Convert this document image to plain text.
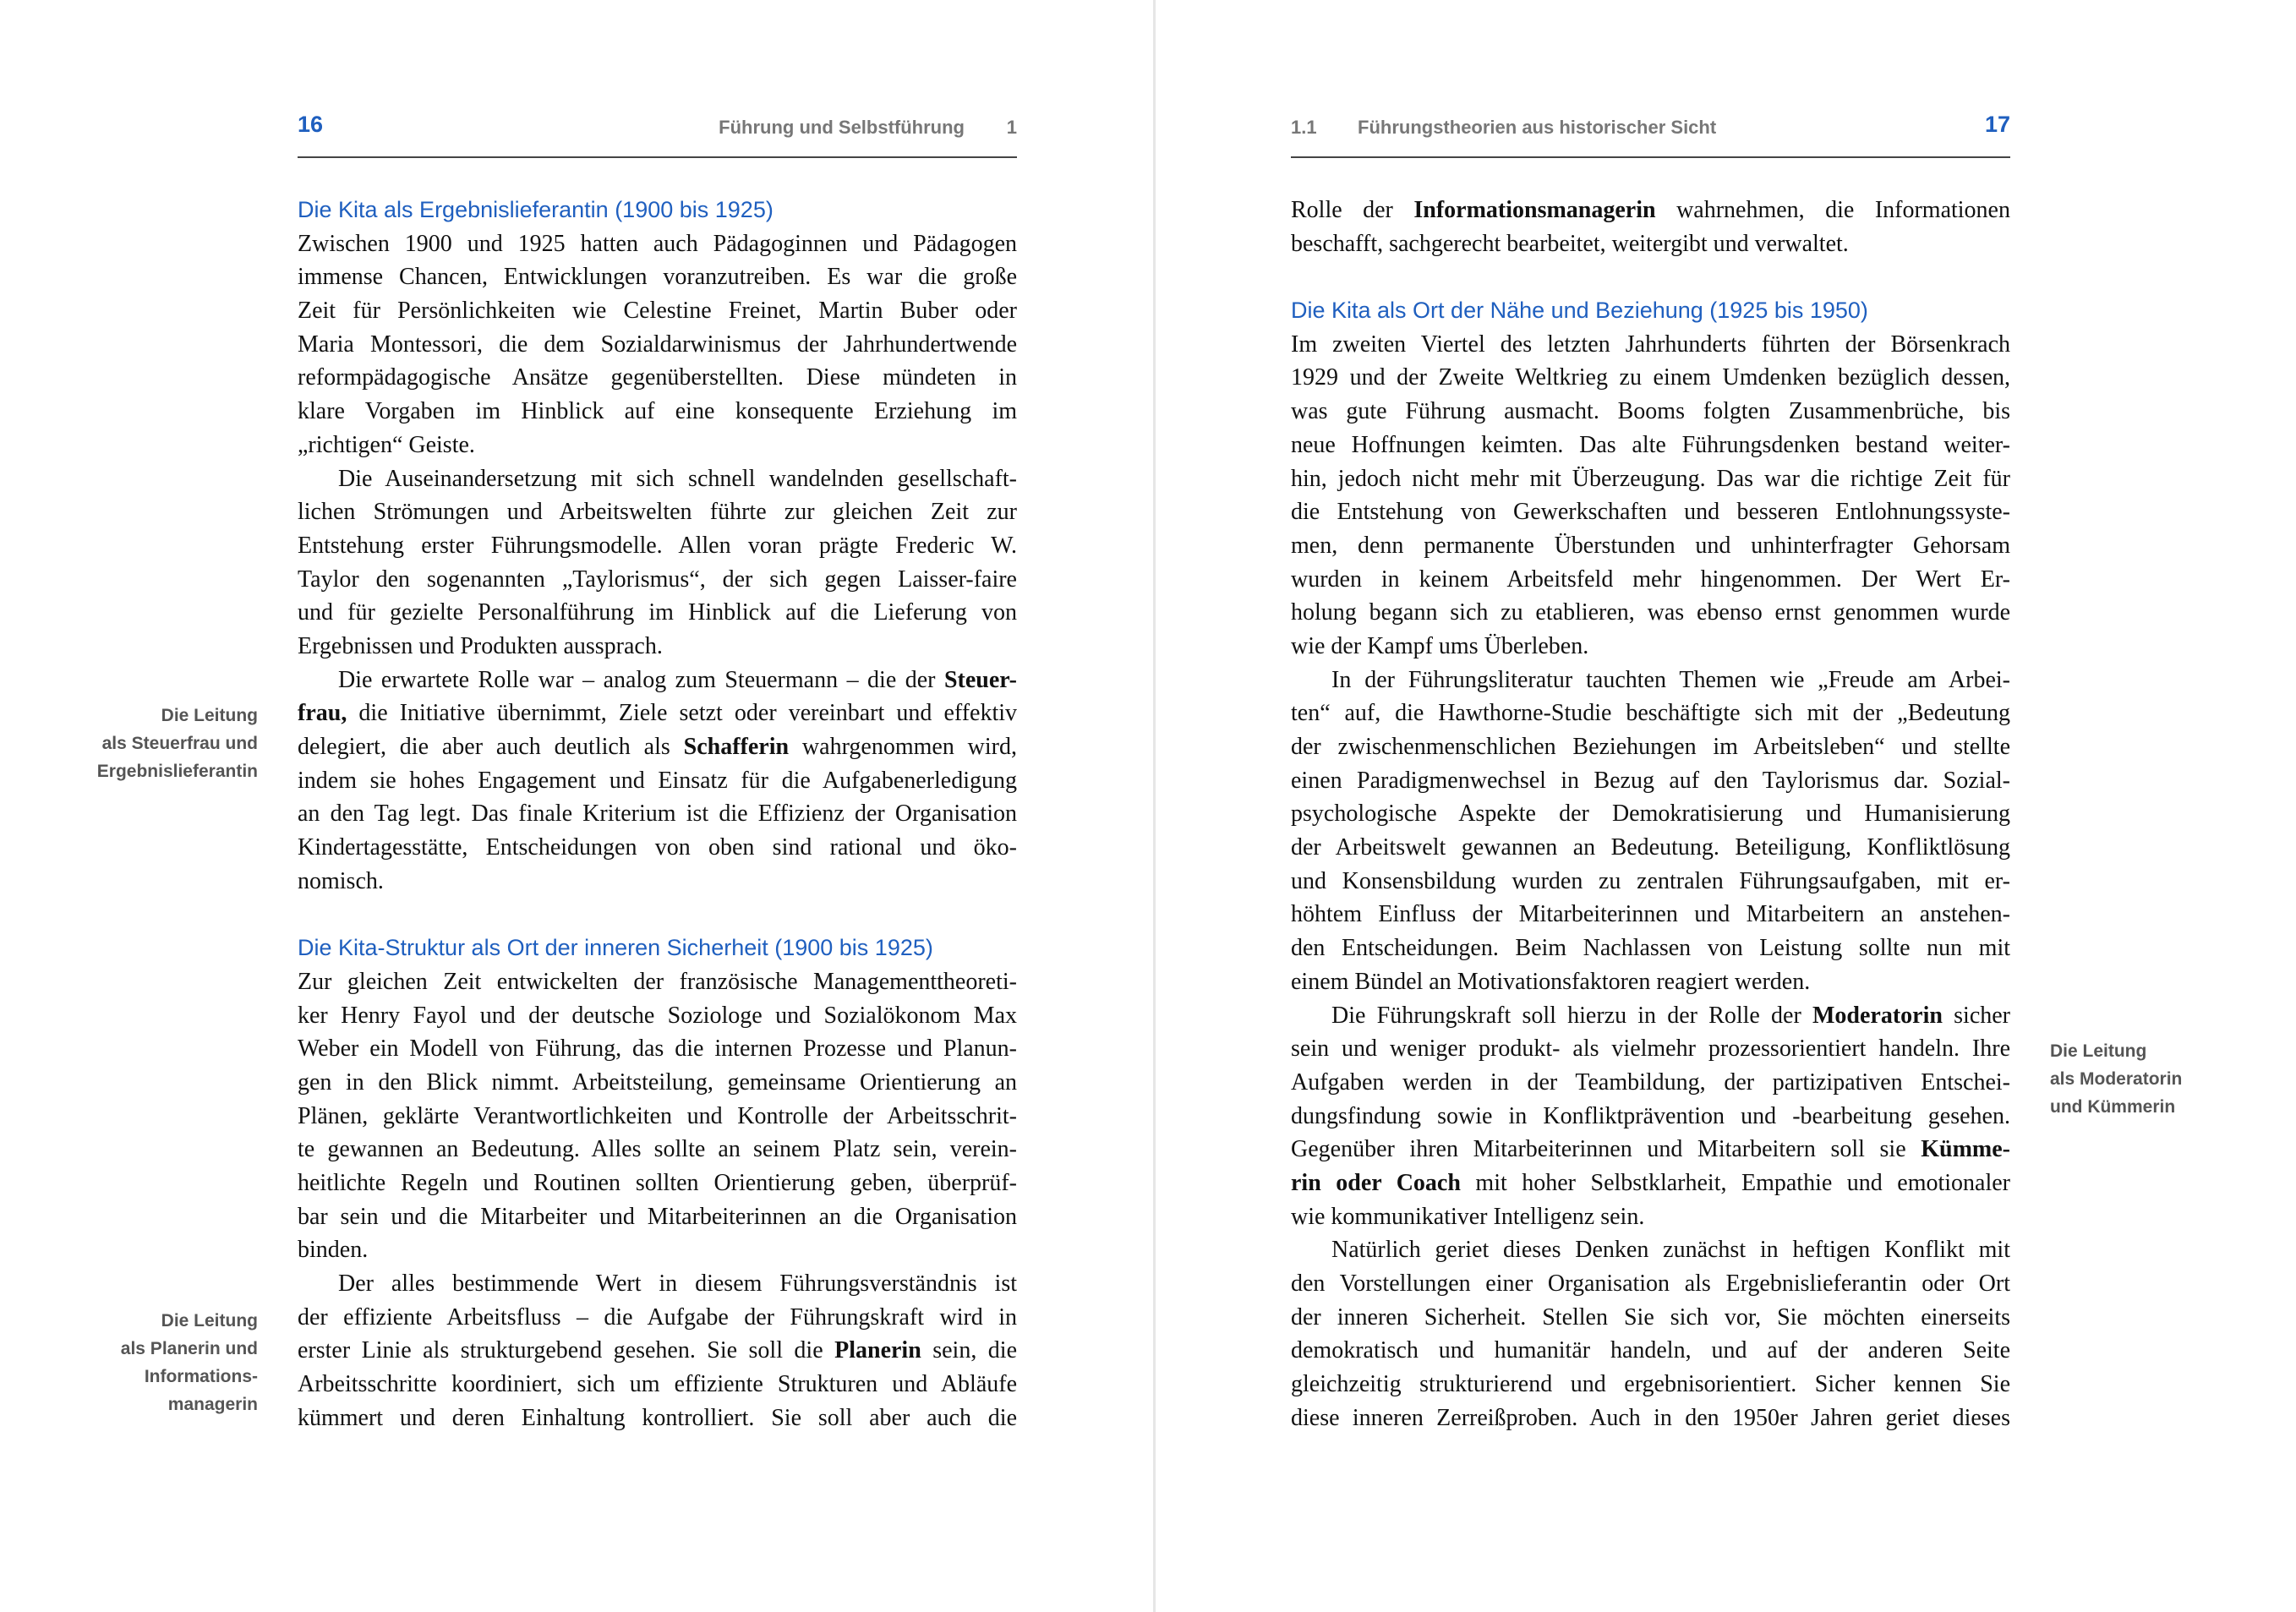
16	Führung und Selbstführung 1	1.1 Führungstheorien aus historischer Sicht	17
Die Kita als Ergebnislieferantin (1900 bis 1925)
Zwischen 1900 und 1925 hatten auch Pädagoginnen und Pädagogen
immense Chancen, Entwicklungen voranzutreiben. Es war die große
Zeit für Persönlichkeiten wie Celestine Freinet, Martin Buber oder
Maria Montessori, die dem Sozialdarwinismus der Jahrhundertwende
reformpädagogische Ansätze gegenüberstellten. Diese mündeten in
klare Vorgaben im Hinblick auf eine konsequente Erziehung im
„richtigen“ Geiste.
Die Auseinandersetzung mit sich schnell wandelnden gesellschaft-
lichen Strömungen und Arbeitswelten führte zur gleichen Zeit zur
Entstehung erster Führungsmodelle. Allen voran prägte Frederic W.
Taylor den sogenannten „Taylorismus“, der sich gegen Laisser-faire
und für gezielte Personalführung im Hinblick auf die Lieferung von
Ergebnissen und Produkten aussprach.
Die erwartete Rolle war – analog zum Steuermann – die der Steuer-
frau, die Initiative übernimmt, Ziele setzt oder vereinbart und effektiv
delegiert, die aber auch deutlich als Schafferin wahrgenommen wird,
indem sie hohes Engagement und Einsatz für die Aufgabenerledigung
an den Tag legt. Das finale Kriterium ist die Effizienz der Organisation
Kindertagesstätte, Entscheidungen von oben sind rational und öko-
nomisch.
Die Kita-Struktur als Ort der inneren Sicherheit (1900 bis 1925)
Zur gleichen Zeit entwickelten der französische Managementtheoreti-
ker Henry Fayol und der deutsche Soziologe und Sozialökonom Max
Weber ein Modell von Führung, das die internen Prozesse und Planun-
gen in den Blick nimmt. Arbeitsteilung, gemeinsame Orientierung an
Plänen, geklärte Verantwortlichkeiten und Kontrolle der Arbeitsschrit-
te gewannen an Bedeutung. Alles sollte an seinem Platz sein, verein-
heitlichte Regeln und Routinen sollten Orientierung geben, überprüf-
bar sein und die Mitarbeiter und Mitarbeiterinnen an die Organisation
binden.
Der alles bestimmende Wert in diesem Führungsverständnis ist
der effiziente Arbeitsfluss – die Aufgabe der Führungskraft wird in
erster Linie als strukturgebend gesehen. Sie soll die Planerin sein, die
Arbeitsschritte koordiniert, sich um effiziente Strukturen und Abläufe
kümmert und deren Einhaltung kontrolliert. Sie soll aber auch die
Rolle der Informationsmanagerin wahrnehmen, die Informationen
beschafft, sachgerecht bearbeitet, weitergibt und verwaltet.
Die Kita als Ort der Nähe und Beziehung (1925 bis 1950)
Im zweiten Viertel des letzten Jahrhunderts führten der Börsenkrach
1929 und der Zweite Weltkrieg zu einem Umdenken bezüglich dessen,
was gute Führung ausmacht. Booms folgten Zusammenbrüche, bis
neue Hoffnungen keimten. Das alte Führungsdenken bestand weiter-
hin, jedoch nicht mehr mit Überzeugung. Das war die richtige Zeit für
die Entstehung von Gewerkschaften und besseren Entlohnungssyste-
men, denn permanente Überstunden und unhinterfragter Gehorsam
wurden in keinem Arbeitsfeld mehr hingenommen. Der Wert Er-
holung begann sich zu etablieren, was ebenso ernst genommen wurde
wie der Kampf ums Überleben.
In der Führungsliteratur tauchten Themen wie „Freude am Arbei-
ten“ auf, die Hawthorne-Studie beschäftigte sich mit der „Bedeutung
der zwischenmenschlichen Beziehungen im Arbeitsleben“ und stellte
einen Paradigmenwechsel in Bezug auf den Taylorismus dar. Sozial-
psychologische Aspekte der Demokratisierung und Humanisierung
der Arbeitswelt gewannen an Bedeutung. Beteiligung, Konfliktlösung
und Konsensbildung wurden zu zentralen Führungsaufgaben, mit er-
höhtem Einfluss der Mitarbeiterinnen und Mitarbeitern an anstehen-
den Entscheidungen. Beim Nachlassen von Leistung sollte nun mit
einem Bündel an Motivationsfaktoren reagiert werden.
Die Führungskraft soll hierzu in der Rolle der Moderatorin sicher
sein und weniger produkt- als vielmehr prozessorientiert handeln. Ihre
Aufgaben werden in der Teambildung, der partizipativen Entschei-
dungsfindung sowie in Konfliktprävention und -bearbeitung gesehen.
Gegenüber ihren Mitarbeiterinnen und Mitarbeitern soll sie Kümme-
rin oder Coach mit hoher Selbstklarheit, Empathie und emotionaler
wie kommunikativer Intelligenz sein.
Natürlich geriet dieses Denken zunächst in heftigen Konflikt mit
den Vorstellungen einer Organisation als Ergebnislieferantin oder Ort
der inneren Sicherheit. Stellen Sie sich vor, Sie möchten einerseits
demokratisch und humanitär handeln, und auf der anderen Seite
gleichzeitig strukturierend und ergebnisorientiert. Sicher kennen Sie
diese inneren Zerreißproben. Auch in den 1950er Jahren geriet dieses
Die Leitung
als Steuerfrau und
Ergebnislieferantin
Die Leitung
als Planerin und
Informations-
managerin
Die Leitung
als Moderatorin
und Kümmerin
